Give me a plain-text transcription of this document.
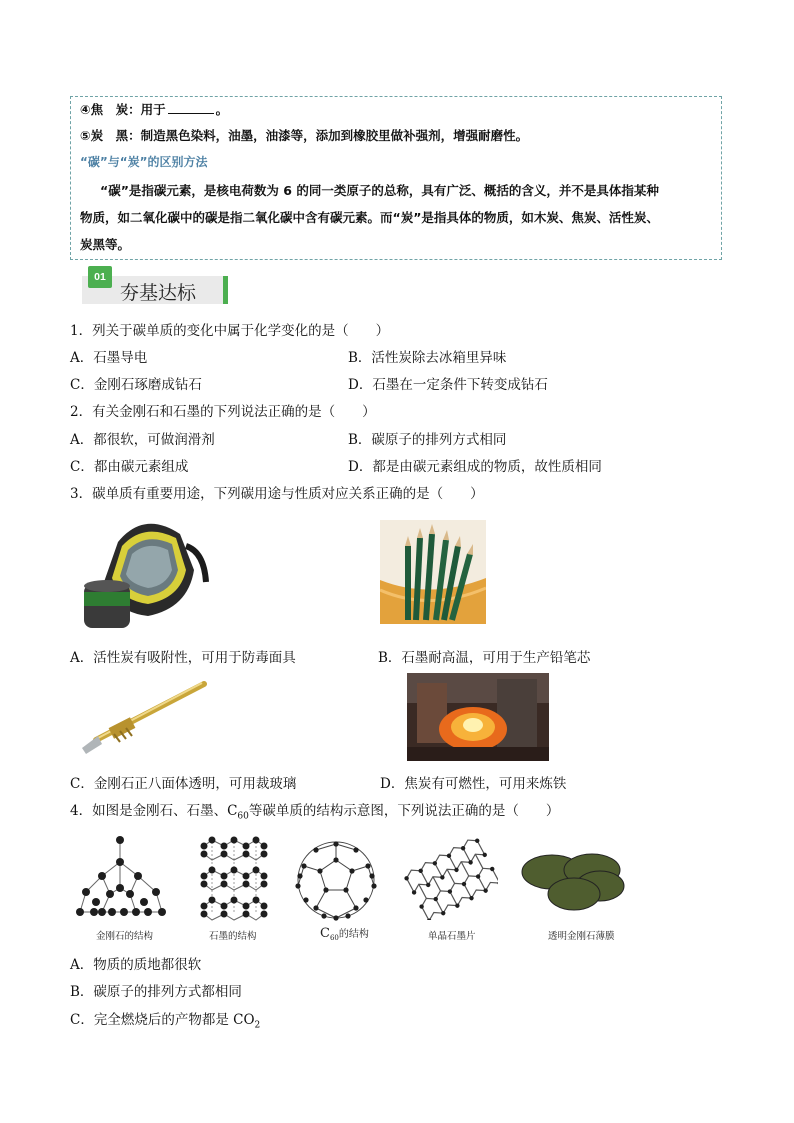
④焦　炭：用于	。
⑤炭　黑：制造黑色染料，油墨，油漆等，添加到橡胶里做补强剂，增强耐磨性。
“碳”与“炭”的区别方法
“碳”是指碳元素，是核电荷数为 6 的同一类原子的总称，具有广泛、概括的含义，并不是具体指某种
物质，如二氧化碳中的碳是指二氧化碳中含有碳元素。而“炭”是指具体的物质，如木炭、焦炭、活性炭、
炭黑等。
01
夯基达标
1．列关于碳单质的变化中属于化学变化的是（　　）
A．石墨导电	B．活性炭除去冰箱里异味
C．金刚石琢磨成钻石	D．石墨在一定条件下转变成钻石
2．有关金刚石和石墨的下列说法正确的是（　　）
A．都很软，可做润滑剂	B．碳原子的排列方式相同
C．都由碳元素组成	D．都是由碳元素组成的物质，故性质相同
3．碳单质有重要用途，下列碳用途与性质对应关系正确的是（　　）
A．活性炭有吸附性，可用于防毒面具	B．石墨耐高温，可用于生产铅笔芯
C．金刚石正八面体透明，可用裁玻璃	D．焦炭有可燃性，可用来炼铁
4．如图是金刚石、石墨、$C_{60}$等碳单质的结构示意图，下列说法正确的是（　　）
金刚石的结构	石墨的结构	$C_{60}$的结构	单晶石墨片	透明金刚石薄膜
A．物质的质地都很软
B．碳原子的排列方式都相同
C．完全燃烧后的产物都是 $CO_2$
